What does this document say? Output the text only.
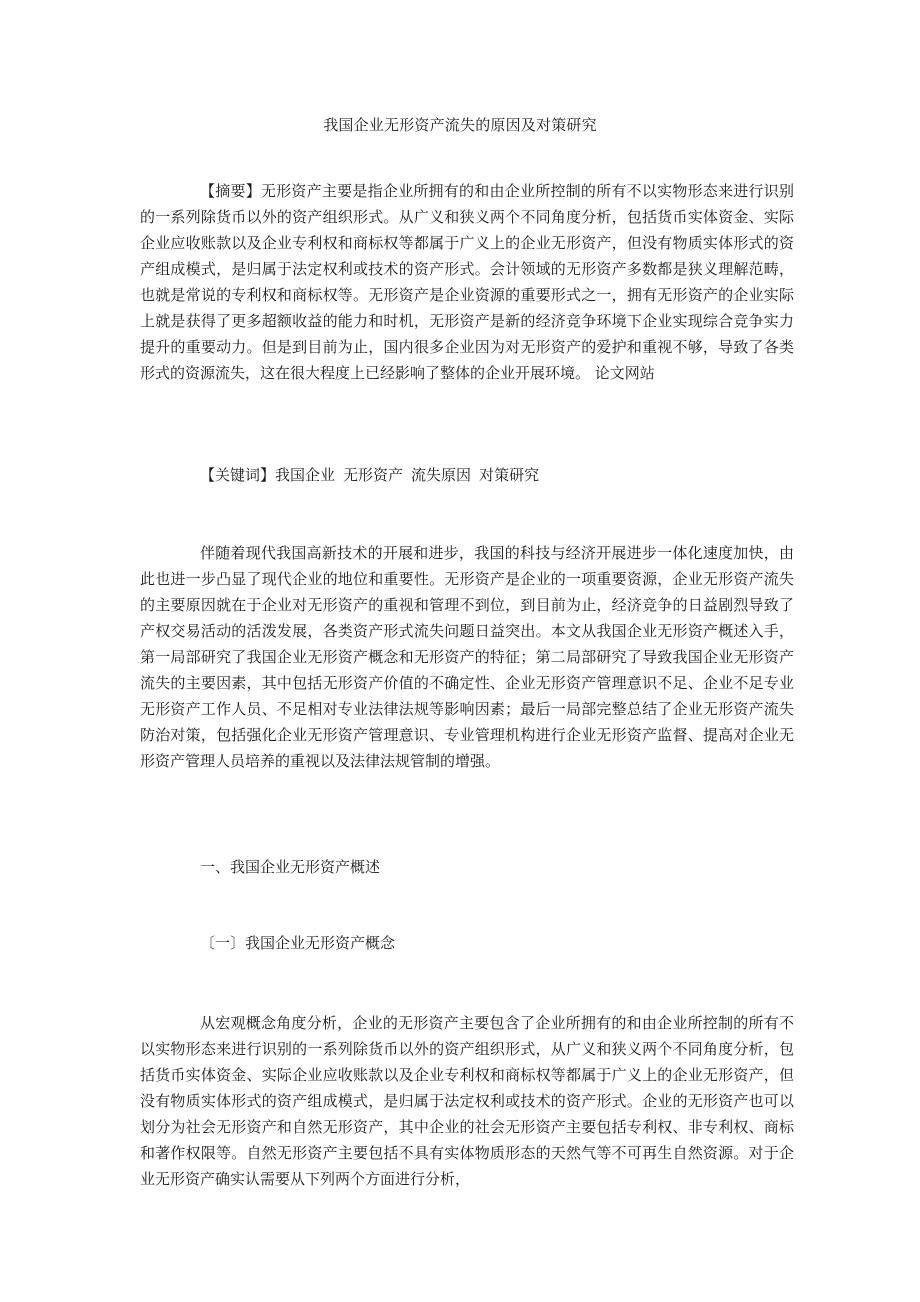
我国企业无形资产流失的原因及对策研究
【摘要】无形资产主要是指企业所拥有的和由企业所控制的所有不以实物形态来进行识别的一系列除货币以外的资产组织形式。从广义和狭义两个不同角度分析，包括货币实体资金、实际企业应收账款以及企业专利权和商标权等都属于广义上的企业无形资产，但没有物质实体形式的资产组成模式，是归属于法定权利或技术的资产形式。会计领域的无形资产多数都是狭义理解范畴，也就是常说的专利权和商标权等。无形资产是企业资源的重要形式之一，拥有无形资产的企业实际上就是获得了更多超额收益的能力和时机，无形资产是新的经济竞争环境下企业实现综合竞争实力提升的重要动力。但是到目前为止，国内很多企业因为对无形资产的爱护和重视不够，导致了各类形式的资源流失，这在很大程度上已经影响了整体的企业开展环境。 论文网站
【关键词】我国企业 无形资产 流失原因 对策研究
伴随着现代我国高新技术的开展和进步，我国的科技与经济开展进步一体化速度加快，由此也进一步凸显了现代企业的地位和重要性。无形资产是企业的一项重要资源，企业无形资产流失的主要原因就在于企业对无形资产的重视和管理不到位，到目前为止，经济竞争的日益剧烈导致了产权交易活动的活泼发展，各类资产形式流失问题日益突出。本文从我国企业无形资产概述入手，第一局部研究了我国企业无形资产概念和无形资产的特征；第二局部研究了导致我国企业无形资产流失的主要因素，其中包括无形资产价值的不确定性、企业无形资产管理意识不足、企业不足专业无形资产工作人员、不足相对专业法律法规等影响因素；最后一局部完整总结了企业无形资产流失防治对策，包括强化企业无形资产管理意识、专业管理机构进行企业无形资产监督、提高对企业无形资产管理人员培养的重视以及法律法规管制的增强。
一、我国企业无形资产概述
〔一〕我国企业无形资产概念
从宏观概念角度分析，企业的无形资产主要包含了企业所拥有的和由企业所控制的所有不以实物形态来进行识别的一系列除货币以外的资产组织形式，从广义和狭义两个不同角度分析，包括货币实体资金、实际企业应收账款以及企业专利权和商标权等都属于广义上的企业无形资产，但没有物质实体形式的资产组成模式，是归属于法定权利或技术的资产形式。企业的无形资产也可以划分为社会无形资产和自然无形资产，其中企业的社会无形资产主要包括专利权、非专利权、商标和著作权限等。自然无形资产主要包括不具有实体物质形态的天然气等不可再生自然资源。对于企业无形资产确实认需要从下列两个方面进行分析，
